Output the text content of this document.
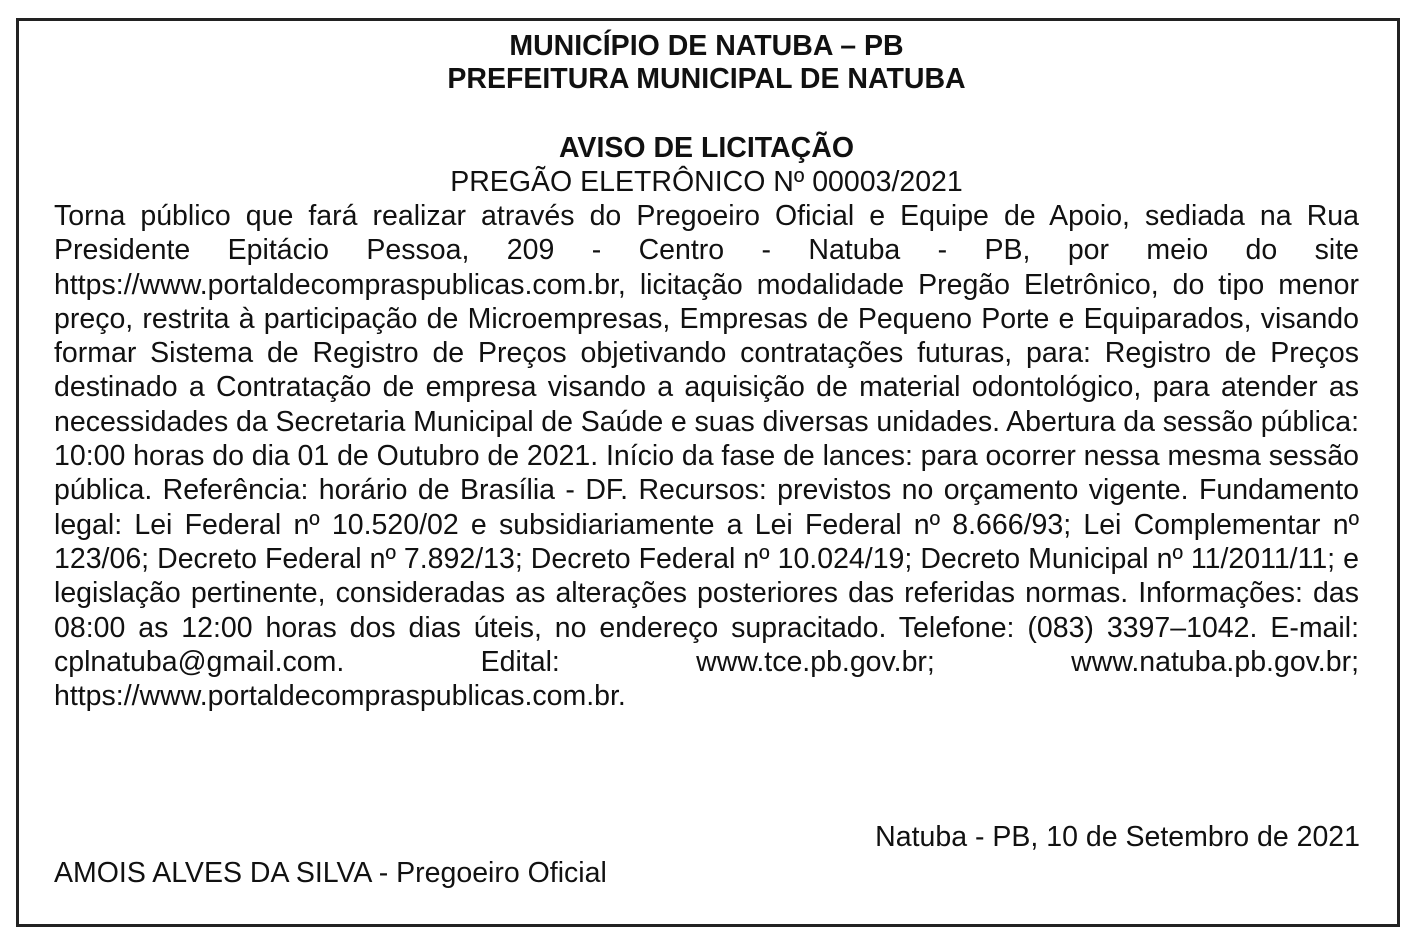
MUNICÍPIO DE NATUBA – PB

PREFEITURA MUNICIPAL DE NATUBA

AVISO DE LICITAÇÃO

PREGÃO ELETRÔNICO Nº 00003/2021

Torna público que fará realizar através do Pregoeiro Oficial e Equipe de Apoio, sediada na Rua Presidente Epitácio Pessoa, 209 - Centro - Natuba - PB, por meio do site https://www.portaldecompraspublicas.com.br, licitação modalidade Pregão Eletrônico, do tipo menor preço, restrita à participação de Microempresas, Empresas de Pequeno Porte e Equiparados, visando formar Sistema de Registro de Preços objetivando contratações futuras, para: Registro de Preços destinado a Contratação de empresa visando a aquisição de material odontológico, para atender as necessidades da Secretaria Municipal de Saúde e suas diversas unidades. Abertura da sessão pública: 10:00 horas do dia 01 de Outubro de 2021. Início da fase de lances: para ocorrer nessa mesma sessão pública. Referência: horário de Brasília - DF. Recursos: previstos no orçamento vigente. Fundamento legal: Lei Federal nº 10.520/02 e subsidiariamente a Lei Federal nº 8.666/93; Lei Complementar nº 123/06; Decreto Federal nº 7.892/13; Decreto Federal nº 10.024/19; Decreto Municipal nº 11/2011/11; e legislação pertinente, consideradas as alterações posteriores das referidas normas. Informações: das 08:00 as 12:00 horas dos dias úteis, no endereço supracitado. Telefone: (083) 3397–1042. E-mail: cplnatuba@gmail.com. Edital: www.tce.pb.gov.br; www.natuba.pb.gov.br; https://www.portaldecompraspublicas.com.br.

Natuba - PB, 10 de Setembro de 2021
AMOIS ALVES DA SILVA - Pregoeiro Oficial
